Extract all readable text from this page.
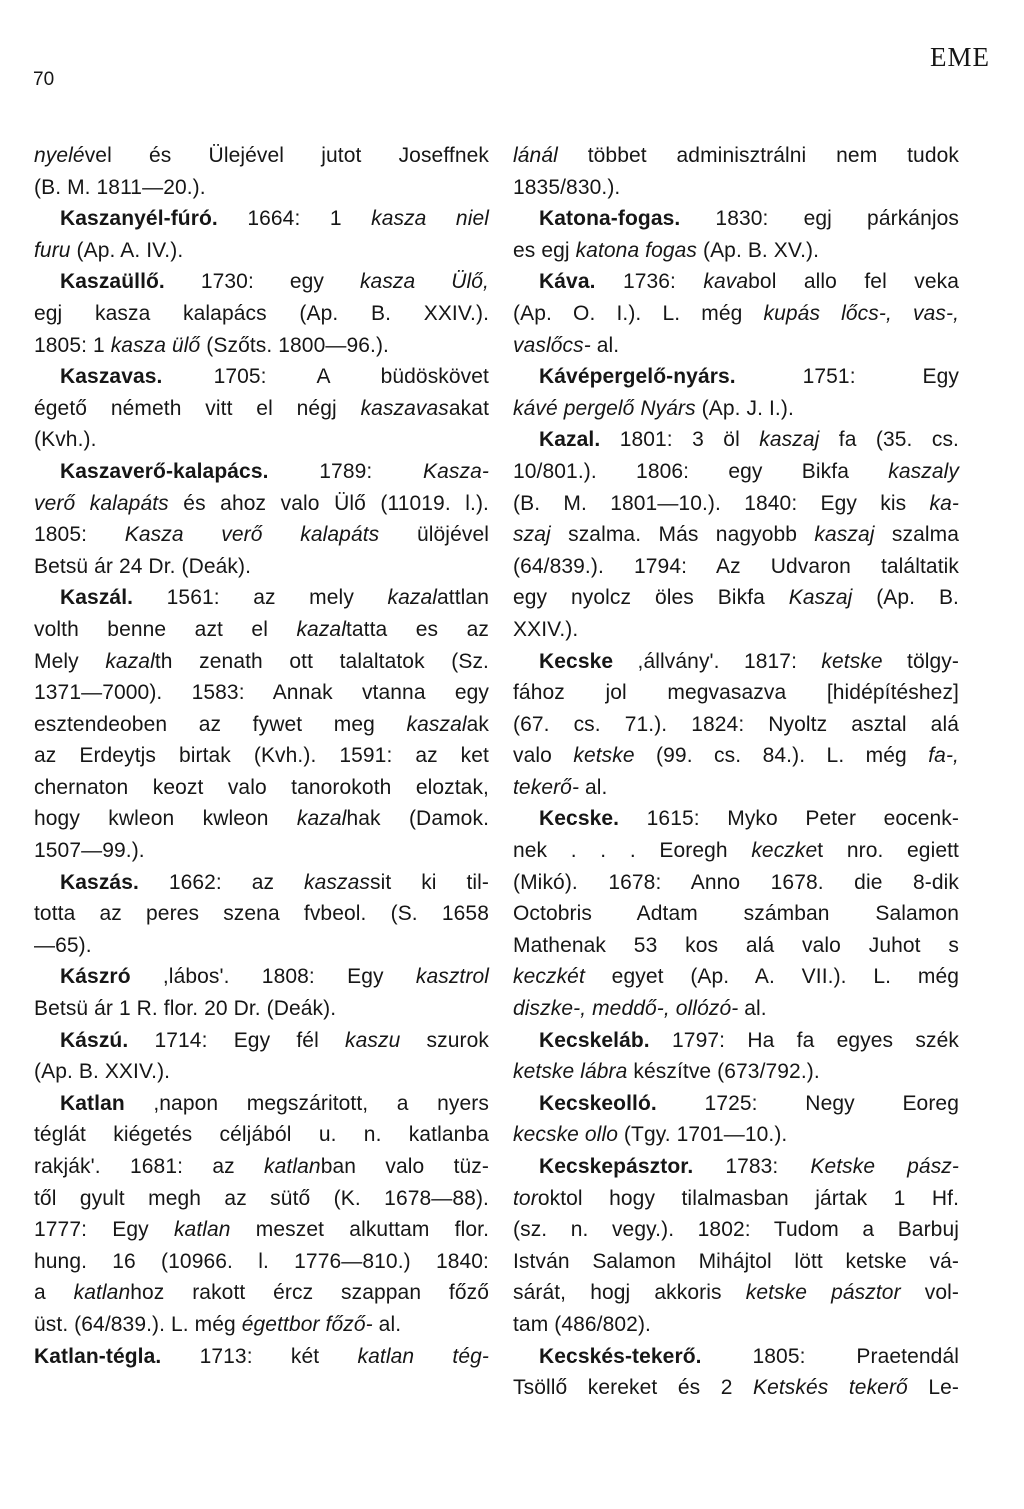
70
EME
nyelével és Ülejével jutot Joseffnek
(B. M. 1811—20.).
Kaszanyél-fúró. 1664: 1 kasza niel
furu (Ap. A. IV.).
Kaszaüllő. 1730: egy kasza Ülő,
egj kasza kalapács (Ap. B. XXIV.).
1805: 1 kasza ülő (Szőts. 1800—96.).
Kaszavas. 1705: A büdöskövet
égető németh vitt el négj kaszavasakat
(Kvh.).
Kaszaverő-kalapács. 1789: Kasza-
verő kalapáts és ahoz valo Ülő (11019. l.).
1805: Kasza verő kalapáts ülöjével
Betsü ár 24 Dr. (Deák).
Kaszál. 1561: az mely kazalattlan
volth benne azt el kazaltatta es az
Mely kazalth zenath ott talaltatok (Sz.
1371—7000). 1583: Annak vtanna egy
esztendeoben az fywet meg kaszalak
az Erdeytjs birtak (Kvh.). 1591: az ket
chernaton keozt valo tanorokoth eloztak,
hogy kwleon kwleon kazalhak (Damok.
1507—99.).
Kaszás. 1662: az kaszassit ki til-
totta az peres szena fvbeol. (S. 1658
—65).
Kászró ,lábos'. 1808: Egy kasztrol
Betsü ár 1 R. flor. 20 Dr. (Deák).
Kászú. 1714: Egy fél kaszu szurok
(Ap. B. XXIV.).
Katlan ,napon megszáritott, a nyers
téglát kiégetés céljából u. n. katlanba
rakják'. 1681: az katlanban valo tüz-
től gyult megh az sütő (K. 1678—88).
1777: Egy katlan meszet alkuttam flor.
hung. 16 (10966. l. 1776—810.) 1840:
a katlanhoz rakott ércz szappan főző
üst. (64/839.). L. még égettbor főző- al.
Katlan-tégla. 1713: két katlan tég-
lánál többet adminisztrálni nem tudok
1835/830.).
Katona-fogas. 1830: egj párkánjos
es egj katona fogas (Ap. B. XV.).
Káva. 1736: kavabol allo fel veka
(Ap. O. I.). L. még kupás lőcs-, vas-,
vaslőcs- al.
Kávépergelő-nyárs. 1751: Egy
kávé pergelő Nyárs (Ap. J. I.).
Kazal. 1801: 3 öl kaszaj fa (35. cs.
10/801.). 1806: egy Bikfa kaszaly
(B. M. 1801—10.). 1840: Egy kis ka-
szaj szalma. Más nagyobb kaszaj szalma
(64/839.). 1794: Az Udvaron találtatik
egy nyolcz öles Bikfa Kaszaj (Ap. B.
XXIV.).
Kecske ,állvány'. 1817: ketske tölgy-
fához jol megvasazva [hidépítéshez]
(67. cs. 71.). 1824: Nyoltz asztal alá
valo ketske (99. cs. 84.). L. még fa-,
tekerő- al.
Kecske. 1615: Myko Peter eocenk-
nek . . . Eoregh keczket nro. egiett
(Mikó). 1678: Anno 1678. die 8-dik
Octobris Adtam számban Salamon
Mathenak 53 kos alá valo Juhot s
keczkét egyet (Ap. A. VII.). L. még
diszke-, meddő-, ollózó- al.
Kecskeláb. 1797: Ha fa egyes szék
ketske lábra készítve (673/792.).
Kecskeolló. 1725: Negy Eoreg
kecske ollo (Tgy. 1701—10.).
Kecskepásztor. 1783: Ketske pász-
toroktol hogy tilalmasban jártak 1 Hf.
(sz. n. vegy.). 1802: Tudom a Barbuj
István Salamon Mihájtol lött ketske vá-
sárát, hogj akkoris ketske pásztor vol-
tam (486/802).
Kecskés-tekerő. 1805: Praetendál
Tsöllő kereket és 2 Ketskés tekerő Le-
